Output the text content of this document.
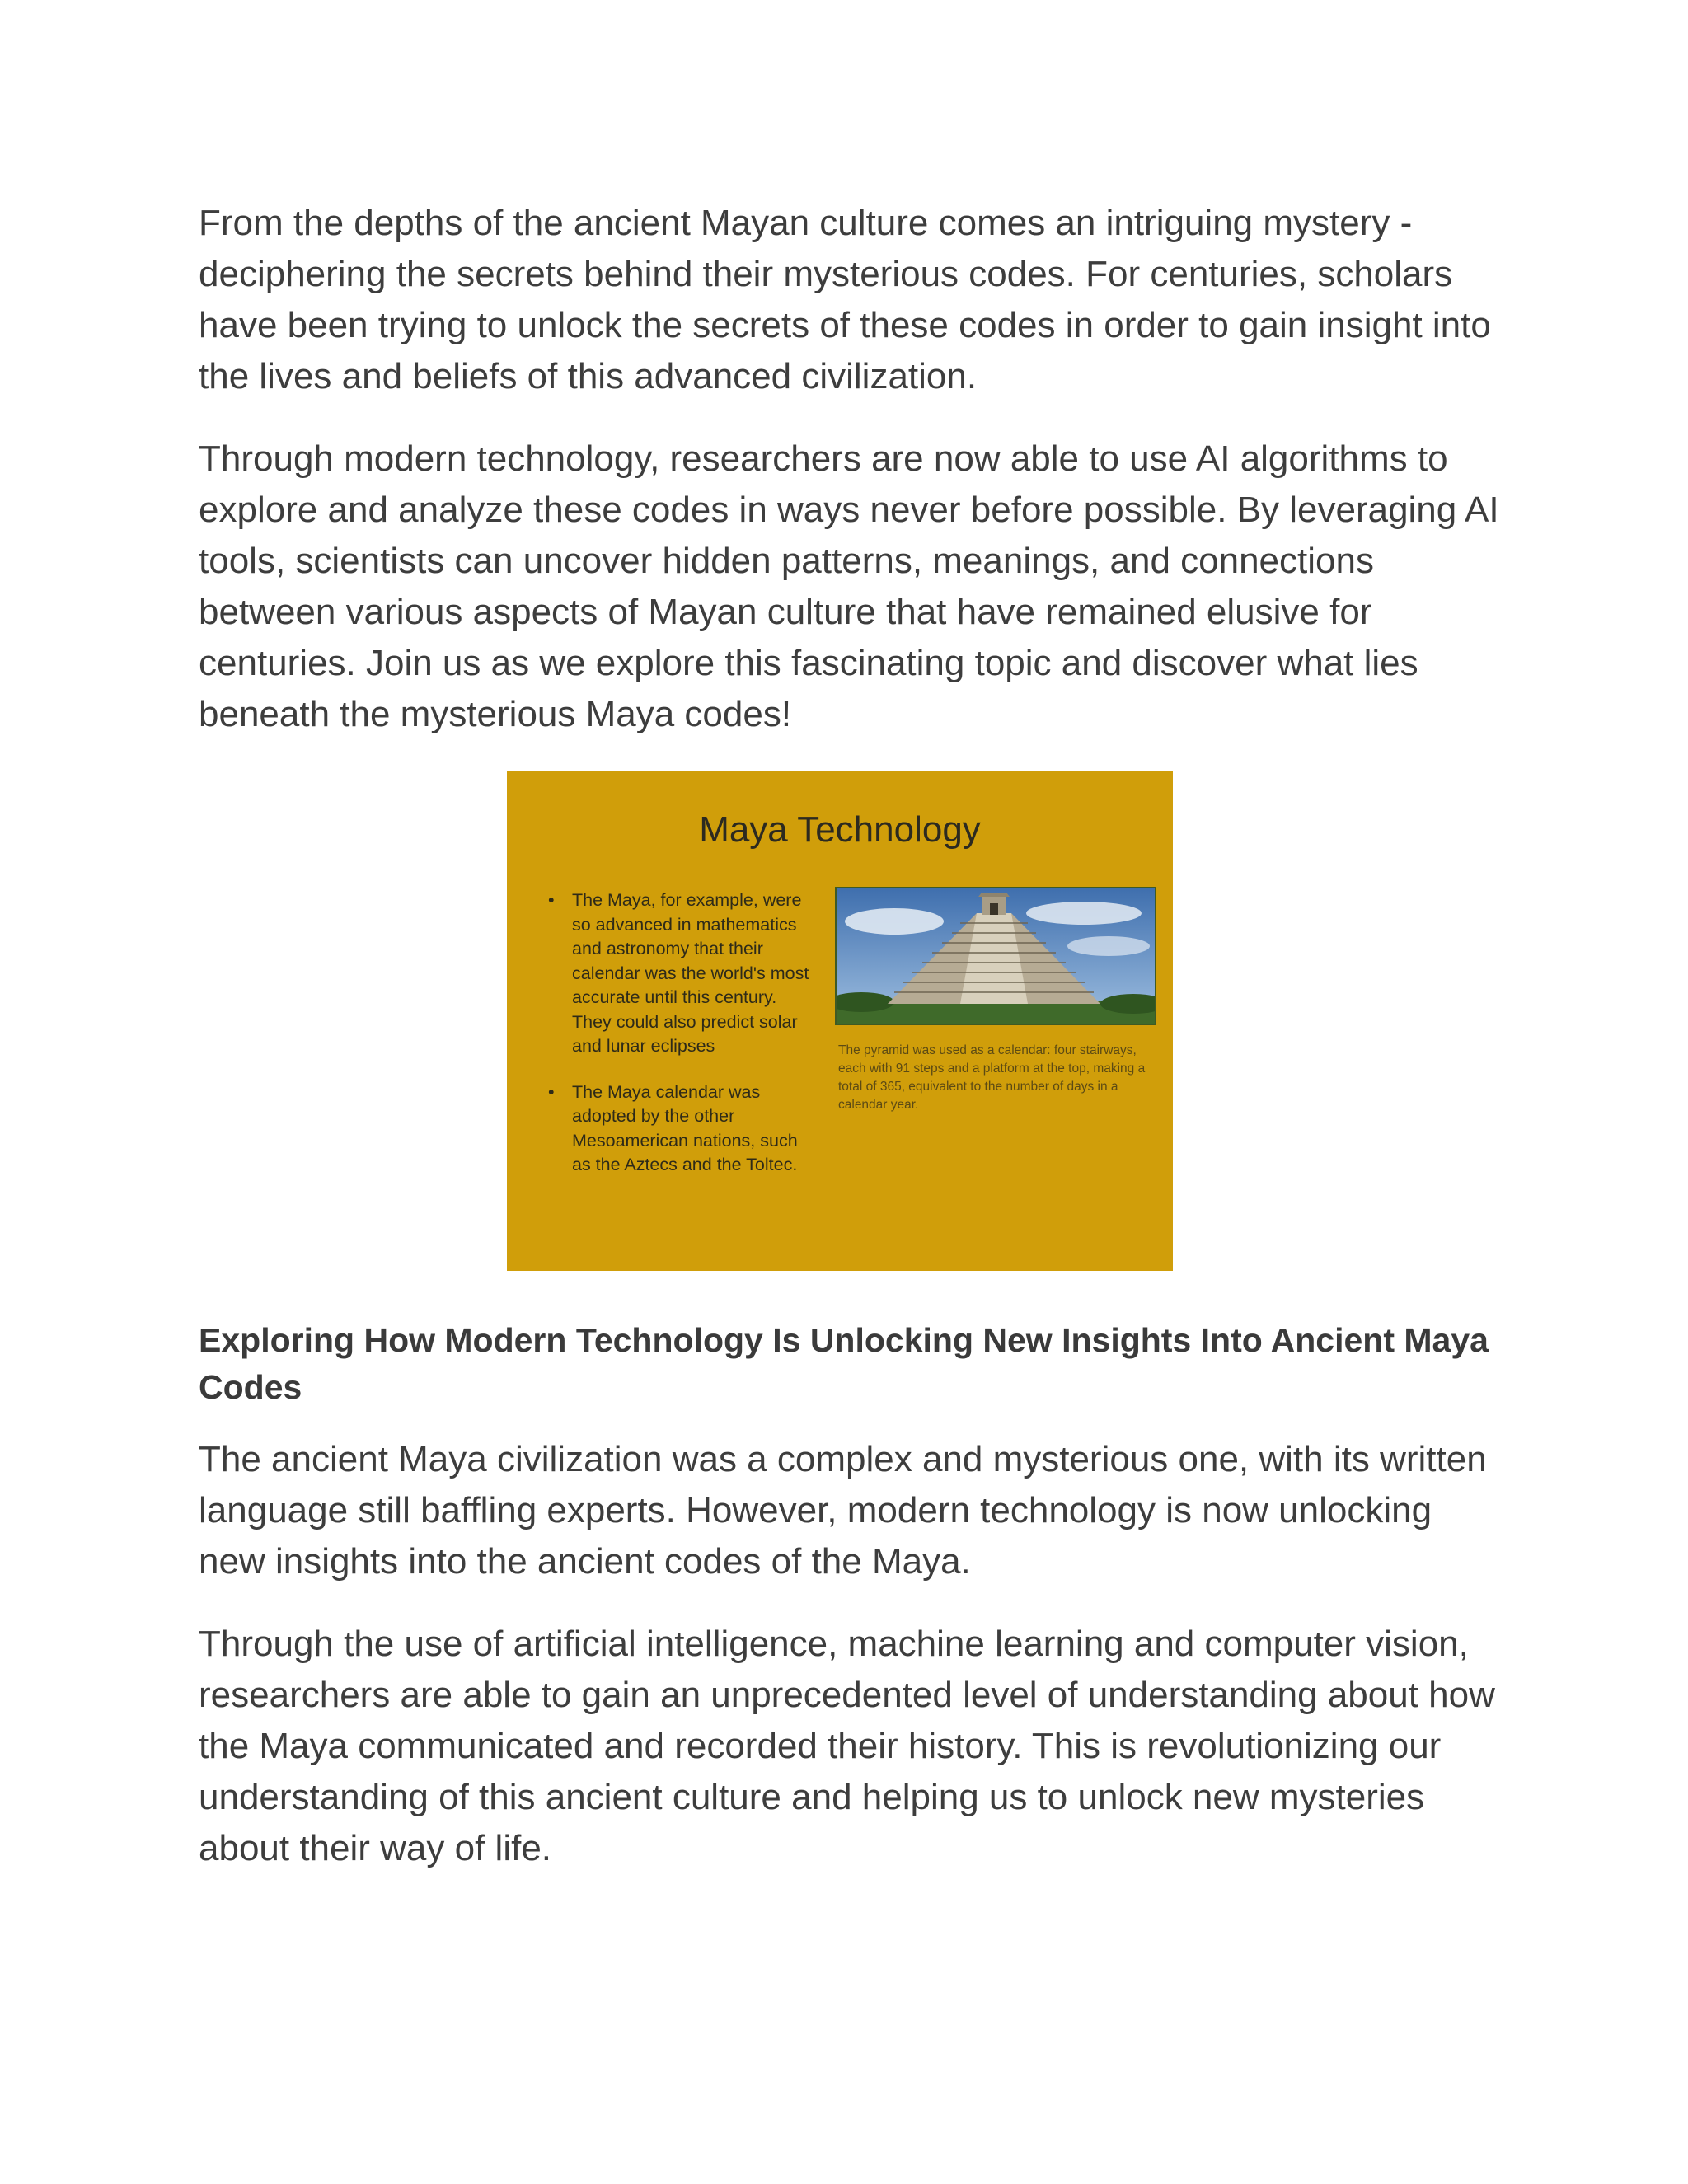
From the depths of the ancient Mayan culture comes an intriguing mystery - deciphering the secrets behind their mysterious codes. For centuries, scholars have been trying to unlock the secrets of these codes in order to gain insight into the lives and beliefs of this advanced civilization.

Through modern technology, researchers are now able to use AI algorithms to explore and analyze these codes in ways never before possible. By leveraging AI tools, scientists can uncover hidden patterns, meanings, and connections between various aspects of Mayan culture that have remained elusive for centuries. Join us as we explore this fascinating topic and discover what lies beneath the mysterious Maya codes!

Maya Technology
• The Maya, for example, were so advanced in mathematics and astronomy that their calendar was the world's most accurate until this century. They could also predict solar and lunar eclipses
• The Maya calendar was adopted by the other Mesoamerican nations, such as the Aztecs and the Toltec.
The pyramid was used as a calendar: four stairways, each with 91 steps and a platform at the top, making a total of 365, equivalent to the number of days in a calendar year.
Exploring How Modern Technology Is Unlocking New Insights Into Ancient Maya Codes

The ancient Maya civilization was a complex and mysterious one, with its written language still baffling experts. However, modern technology is now unlocking new insights into the ancient codes of the Maya.

Through the use of artificial intelligence, machine learning and computer vision, researchers are able to gain an unprecedented level of understanding about how the Maya communicated and recorded their history. This is revolutionizing our understanding of this ancient culture and helping us to unlock new mysteries about their way of life.
